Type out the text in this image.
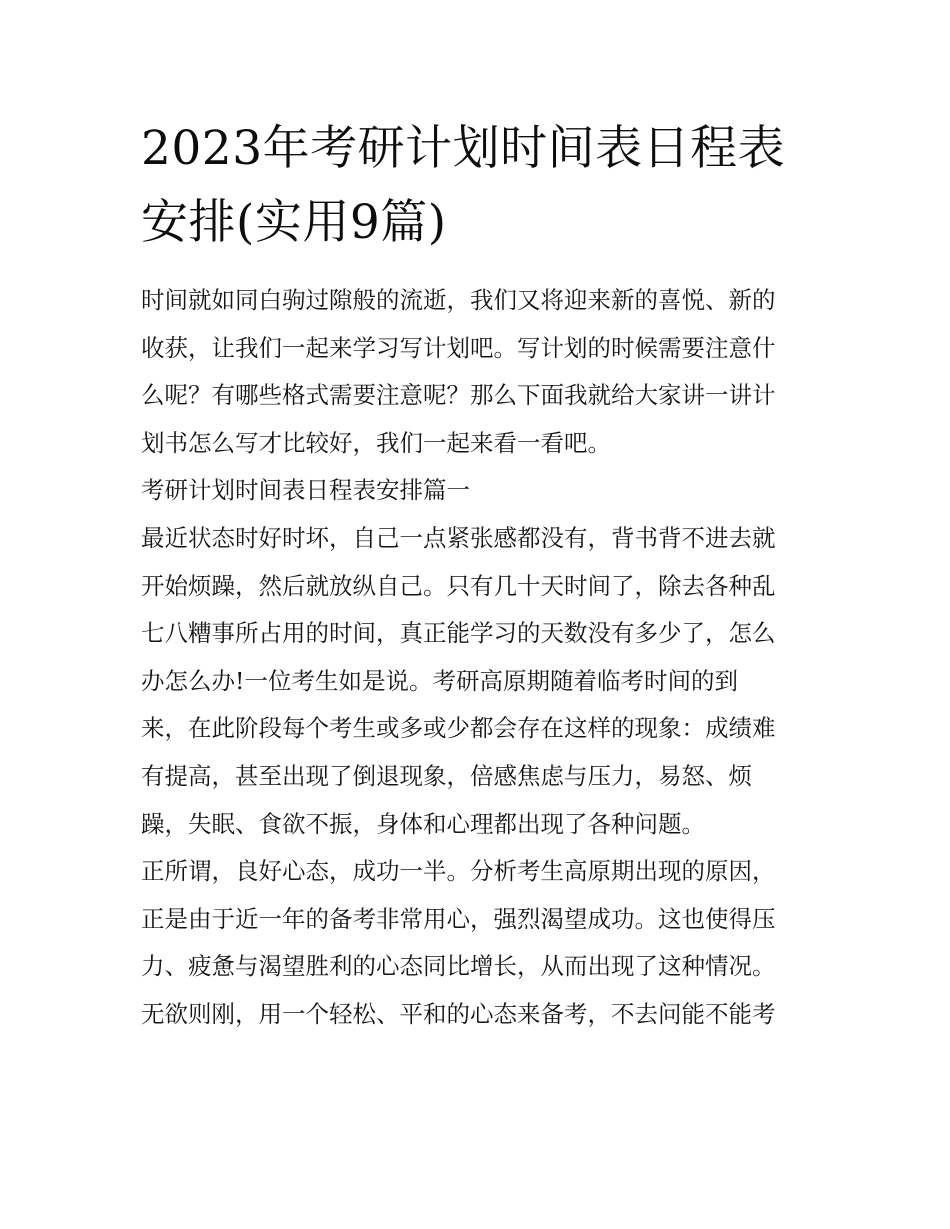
2023年考研计划时间表日程表
安排(实用9篇)
时间就如同白驹过隙般的流逝，我们又将迎来新的喜悦、新的
收获，让我们一起来学习写计划吧。写计划的时候需要注意什
么呢？有哪些格式需要注意呢？那么下面我就给大家讲一讲计
划书怎么写才比较好，我们一起来看一看吧。
考研计划时间表日程表安排篇一
最近状态时好时坏，自己一点紧张感都没有，背书背不进去就
开始烦躁，然后就放纵自己。只有几十天时间了，除去各种乱
七八糟事所占用的时间，真正能学习的天数没有多少了，怎么
办怎么办!一位考生如是说。考研高原期随着临考时间的到
来，在此阶段每个考生或多或少都会存在这样的现象：成绩难
有提高，甚至出现了倒退现象，倍感焦虑与压力，易怒、烦
躁，失眠、食欲不振，身体和心理都出现了各种问题。
正所谓，良好心态，成功一半。分析考生高原期出现的原因，
正是由于近一年的备考非常用心，强烈渴望成功。这也使得压
力、疲惫与渴望胜利的心态同比增长，从而出现了这种情况。
无欲则刚，用一个轻松、平和的心态来备考，不去问能不能考
